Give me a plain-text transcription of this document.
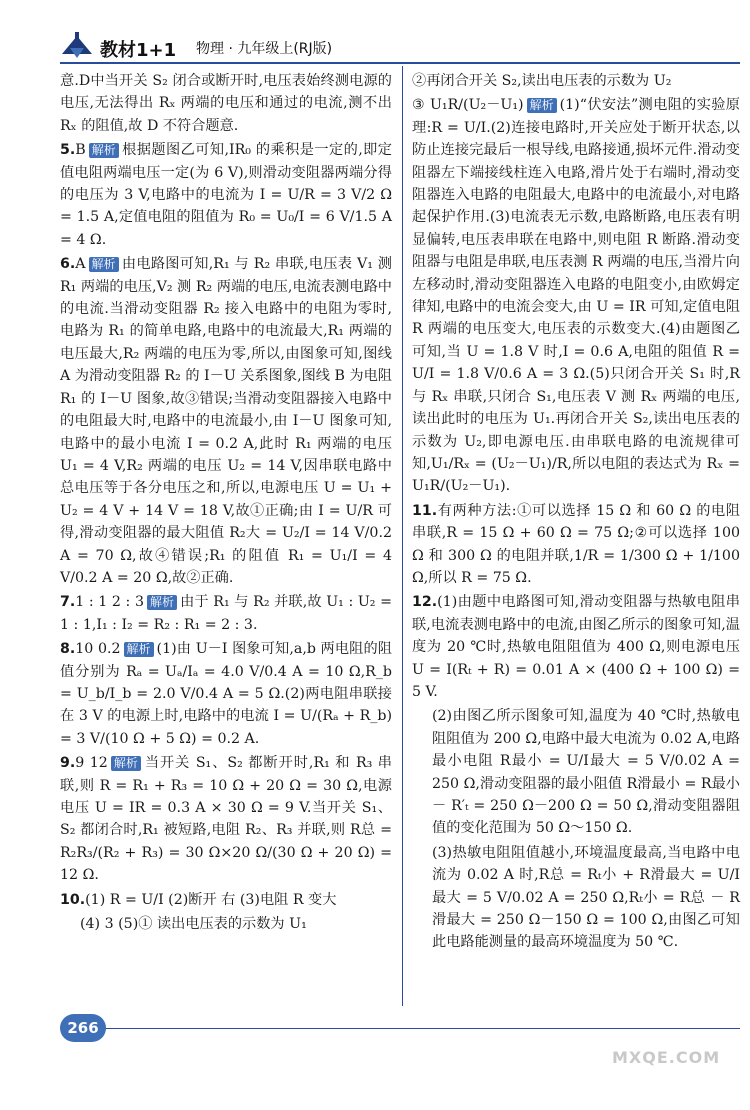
教材1+1 物理 · 九年级上(RJ版)

意.D中当开关 S₂ 闭合或断开时,电压表始终测电源的电压,无法得出 Rₓ 两端的电压和通过的电流,测不出 Rₓ 的阻值,故 D 不符合题意.

5.B 解析 根据题图乙可知,IR₀ 的乘积是一定的,即定值电阻两端电压一定(为 6 V),则滑动变阻器两端分得的电压为 3 V,电路中的电流为 I = U/R = 3 V/2 Ω = 1.5 A,定值电阻的阻值为 R₀ = U₀/I = 6 V/1.5 A = 4 Ω.

6.A 解析 由电路图可知,R₁ 与 R₂ 串联,电压表 V₁ 测 R₁ 两端的电压,V₂ 测 R₂ 两端的电压,电流表测电路中的电流.当滑动变阻器 R₂ 接入电路中的电阻为零时,电路为 R₁ 的简单电路,电路中的电流最大,R₁ 两端的电压最大,R₂ 两端的电压为零,所以,由图象可知,图线 A 为滑动变阻器 R₂ 的 I－U 关系图象,图线 B 为电阻 R₁ 的 I－U 图象,故③错误;当滑动变阻器接入电路中的电阻最大时,电路中的电流最小,由 I－U 图象可知,电路中的最小电流 I = 0.2 A,此时 R₁ 两端的电压 U₁ = 4 V,R₂ 两端的电压 U₂ = 14 V,因串联电路中总电压等于各分电压之和,所以,电源电压 U = U₁ + U₂ = 4 V + 14 V = 18 V,故①正确;由 I = U/R 可得,滑动变阻器的最大阻值 R₂大 = U₂/I = 14 V/0.2 A = 70 Ω,故④错误;R₁ 的阻值 R₁ = U₁/I = 4 V/0.2 A = 20 Ω,故②正确.

7.1 : 1 2 : 3 解析 由于 R₁ 与 R₂ 并联,故 U₁ : U₂ = 1 : 1,I₁ : I₂ = R₂ : R₁ = 2 : 3.

8.10 0.2 解析 (1)由 U－I 图象可知,a,b 两电阻的阻值分别为 Rₐ = Uₐ/Iₐ = 4.0 V/0.4 A = 10 Ω,R_b = U_b/I_b = 2.0 V/0.4 A = 5 Ω.(2)两电阻串联接在 3 V 的电源上时,电路中的电流 I = U/(Rₐ + R_b) = 3 V/(10 Ω + 5 Ω) = 0.2 A.

9.9 12 解析 当开关 S₁、S₂ 都断开时,R₁ 和 R₃ 串联,则 R = R₁ + R₃ = 10 Ω + 20 Ω = 30 Ω,电源电压 U = IR = 0.3 A × 30 Ω = 9 V.当开关 S₁、S₂ 都闭合时,R₁ 被短路,电阻 R₂、R₃ 并联,则 R总 = R₂R₃/(R₂ + R₃) = 30 Ω×20 Ω/(30 Ω + 20 Ω) = 12 Ω.

10.(1) R = U/I (2)断开 右 (3)电阻 R 变大

(4) 3 (5)① 读出电压表的示数为 U₁

②再闭合开关 S₂,读出电压表的示数为 U₂

③ U₁R/(U₂－U₁) 解析 (1)“伏安法”测电阻的实验原理:R = U/I.(2)连接电路时,开关应处于断开状态,以防止连接完最后一根导线,电路接通,损坏元件.滑动变阻器左下端接线柱连入电路,滑片处于右端时,滑动变阻器连入电路的电阻最大,电路中的电流最小,对电路起保护作用.(3)电流表无示数,电路断路,电压表有明显偏转,电压表串联在电路中,则电阻 R 断路.滑动变阻器与电阻是串联,电压表测 R 两端的电压,当滑片向左移动时,滑动变阻器连入电路的电阻变小,由欧姆定律知,电路中的电流会变大,由 U = IR 可知,定值电阻 R 两端的电压变大,电压表的示数变大.(4)由题图乙可知,当 U = 1.8 V 时,I = 0.6 A,电阻的阻值 R = U/I = 1.8 V/0.6 A = 3 Ω.(5)只闭合开关 S₁ 时,R 与 Rₓ 串联,只闭合 S₁,电压表 V 测 Rₓ 两端的电压,读出此时的电压为 U₁.再闭合开关 S₂,读出电压表的示数为 U₂,即电源电压.由串联电路的电流规律可知,U₁/Rₓ = (U₂－U₁)/R,所以电阻的表达式为 Rₓ = U₁R/(U₂－U₁).

11.有两种方法:①可以选择 15 Ω 和 60 Ω 的电阻串联,R = 15 Ω + 60 Ω = 75 Ω;②可以选择 100 Ω 和 300 Ω 的电阻并联,1/R = 1/300 Ω + 1/100 Ω,所以 R = 75 Ω.

12.(1)由题中电路图可知,滑动变阻器与热敏电阻串联,电流表测电路中的电流,由图乙所示的图象可知,温度为 20 ℃时,热敏电阻阻值为 400 Ω,则电源电压 U = I(Rₜ + R) = 0.01 A × (400 Ω + 100 Ω) = 5 V.

(2)由图乙所示图象可知,温度为 40 ℃时,热敏电阻阻值为 200 Ω,电路中最大电流为 0.02 A,电路最小电阻 R最小 = U/I最大 = 5 V/0.02 A = 250 Ω,滑动变阻器的最小阻值 R滑最小 = R最小 － R′ₜ = 250 Ω－200 Ω = 50 Ω,滑动变阻器阻值的变化范围为 50 Ω～150 Ω.

(3)热敏电阻阻值越小,环境温度最高,当电路中电流为 0.02 A 时,R总 = Rₜ小 + R滑最大 = U/I最大 = 5 V/0.02 A = 250 Ω,Rₜ小 = R总 － R滑最大 = 250 Ω－150 Ω = 100 Ω,由图乙可知此电路能测量的最高环境温度为 50 ℃.

266
MXQE.COM
